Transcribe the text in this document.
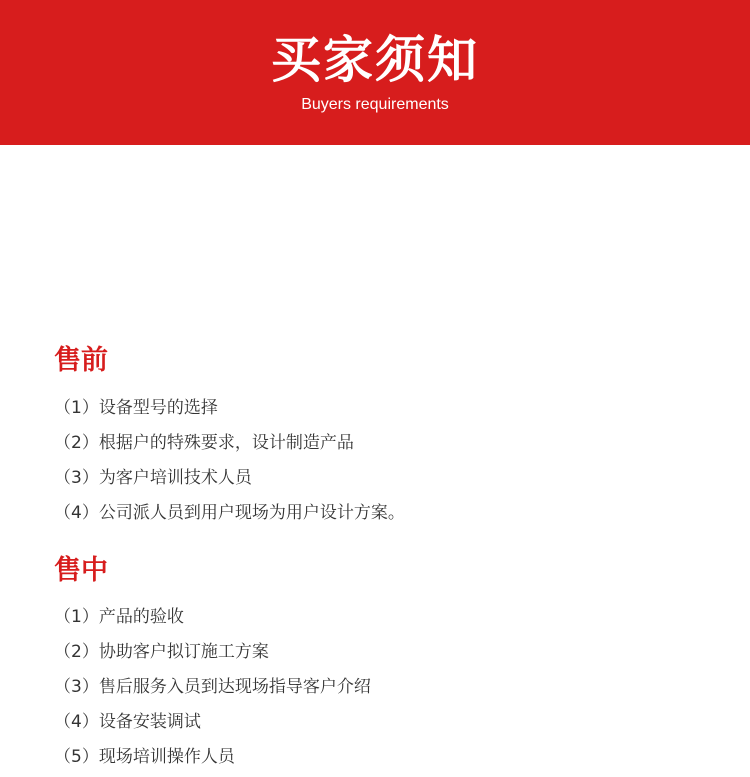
买家须知
Buyers requirements
售前
（1）设备型号的选择
（2）根据户的特殊要求，设计制造产品
（3）为客户培训技术人员
（4）公司派人员到用户现场为用户设计方案。
售中
（1）产品的验收
（2）协助客户拟订施工方案
（3）售后服务入员到达现场指导客户介绍
（4）设备安装调试
（5）现场培训操作人员
